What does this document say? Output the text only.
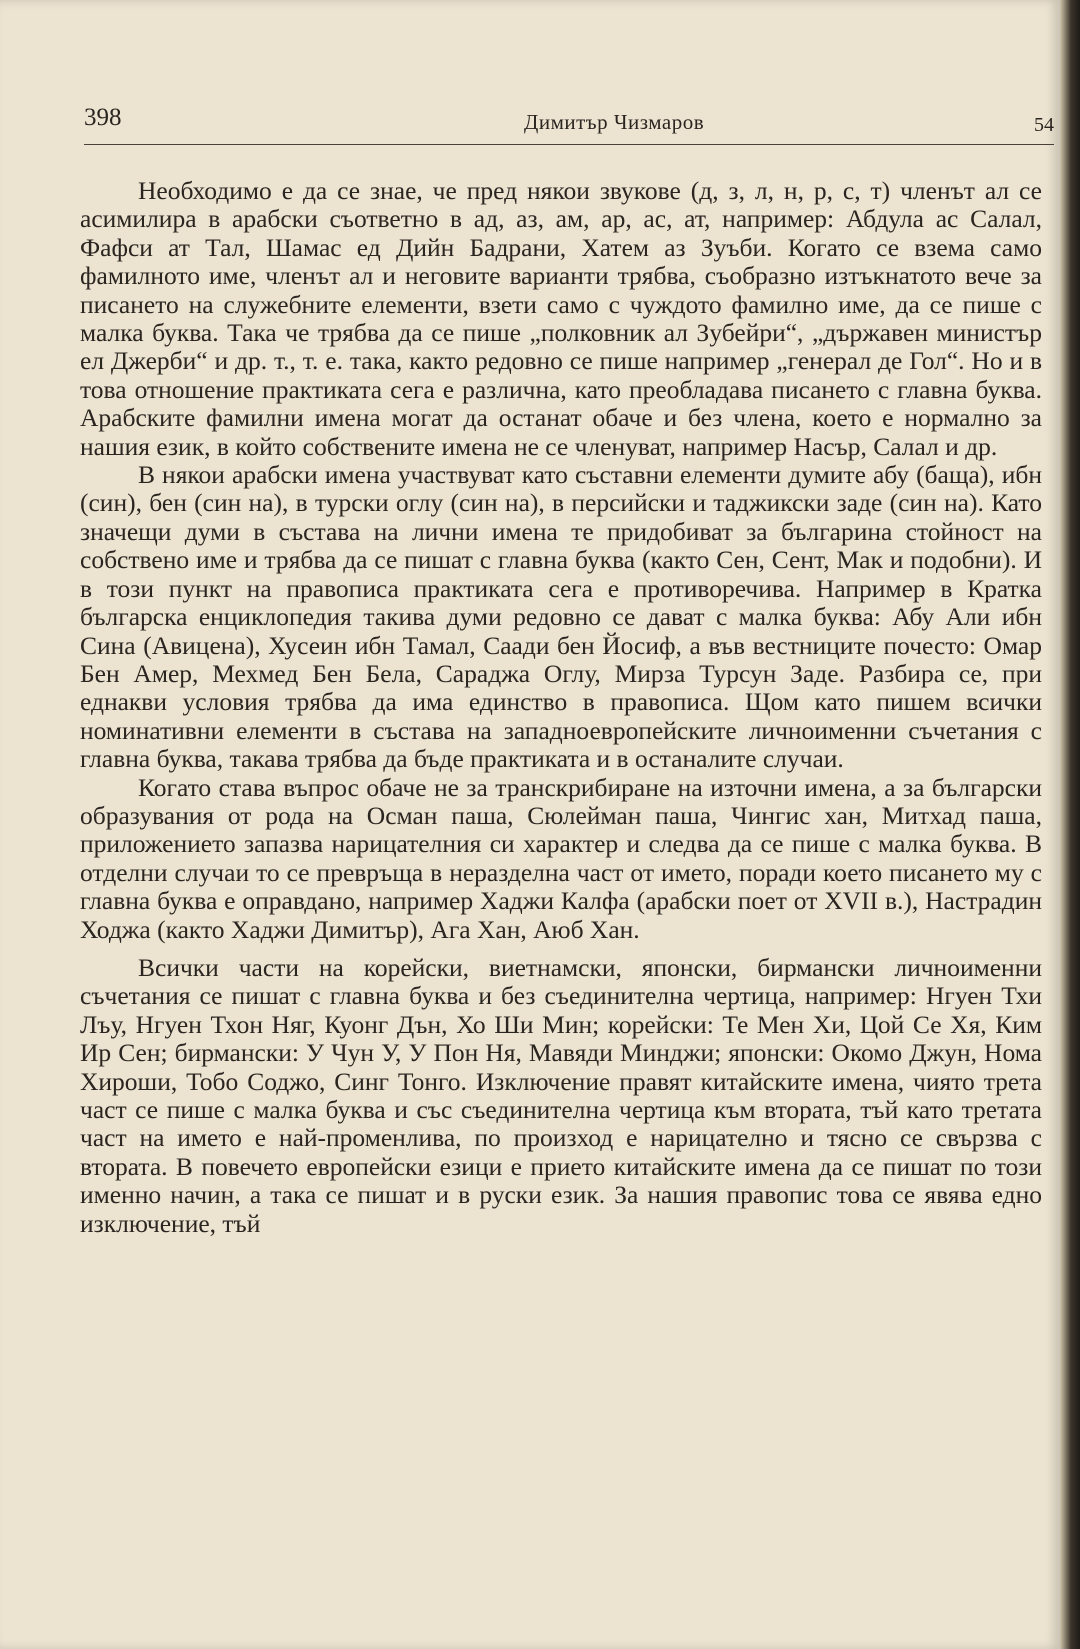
398	Димитър Чизмаров	54

Необходимо е да се знае, че пред някои звукове (д, з, л, н, р, с, т) членът ал се асимилира в арабски съответно в ад, аз, ам, ар, ас, ат, например: Абдула ас Салал, Фафси ат Тал, Шамас ед Дийн Бадрани, Хатем аз Зуъби. Когато се взема само фамилното име, членът ал и неговите варианти трябва, съобразно изтъкнатото вече за писането на служебните елементи, взети само с чуждото фамилно име, да се пише с малка буква. Така че трябва да се пише „полковник ал Зубейри“, „държавен министър ел Джерби“ и др. т., т. е. така, както редовно се пише например „генерал де Гол“. Но и в това отношение практиката сега е различна, като преобладава писането с главна буква. Арабските фамилни имена могат да останат обаче и без члена, което е нормално за нашия език, в който собствените имена не се членуват, например Насър, Салал и др.

В някои арабски имена участвуват като съставни елементи думите абу (баща), ибн (син), бен (син на), в турски оглу (син на), в персийски и таджикски заде (син на). Като значещи думи в състава на лични имена те придобиват за българина стойност на собствено име и трябва да се пишат с главна буква (както Сен, Сент, Мак и подобни). И в този пункт на правописа практиката сега е противоречива. Например в Кратка българска енциклопедия такива думи редовно се дават с малка буква: Абу Али ибн Сина (Авицена), Хусеин ибн Тамал, Саади бен Йосиф, а във вестниците почесто: Омар Бен Амер, Мехмед Бен Бела, Сараджа Оглу, Мирза Турсун Заде. Разбира се, при еднакви условия трябва да има единство в правописа. Щом като пишем всички номинативни елементи в състава на западноевропейските личноименни съчетания с главна буква, такава трябва да бъде практиката и в останалите случаи.

Когато става въпрос обаче не за транскрибиране на източни имена, а за български образувания от рода на Осман паша, Сюлейман паша, Чингис хан, Митхад паша, приложението запазва нарицателния си характер и следва да се пише с малка буква. В отделни случаи то се превръща в неразделна част от името, поради което писането му с главна буква е оправдано, например Хаджи Калфа (арабски поет от XVII в.), Настрадин Ходжа (както Хаджи Димитър), Ага Хан, Аюб Хан.

Всички части на корейски, виетнамски, японски, бирмански личноименни съчетания се пишат с главна буква и без съединителна чертица, например: Нгуен Тхи Лъу, Нгуен Тхон Няг, Куонг Дън, Хо Ши Мин; корейски: Те Мен Хи, Цой Се Хя, Ким Ир Сен; бирмански: У Чун У, У Пон Ня, Мавяди Минджи; японски: Окомо Джун, Нома Хироши, Тобо Соджо, Синг Тонго. Изключение правят китайските имена, чиято трета част се пише с малка буква и със съединителна чертица към втората, тъй като третата част на името е най-променлива, по произход е нарицателно и тясно се свързва с втората. В повечето европейски езици е прието китайските имена да се пишат по този именно начин, а така се пишат и в руски език. За нашия правопис това се явява едно изключение, тъй
